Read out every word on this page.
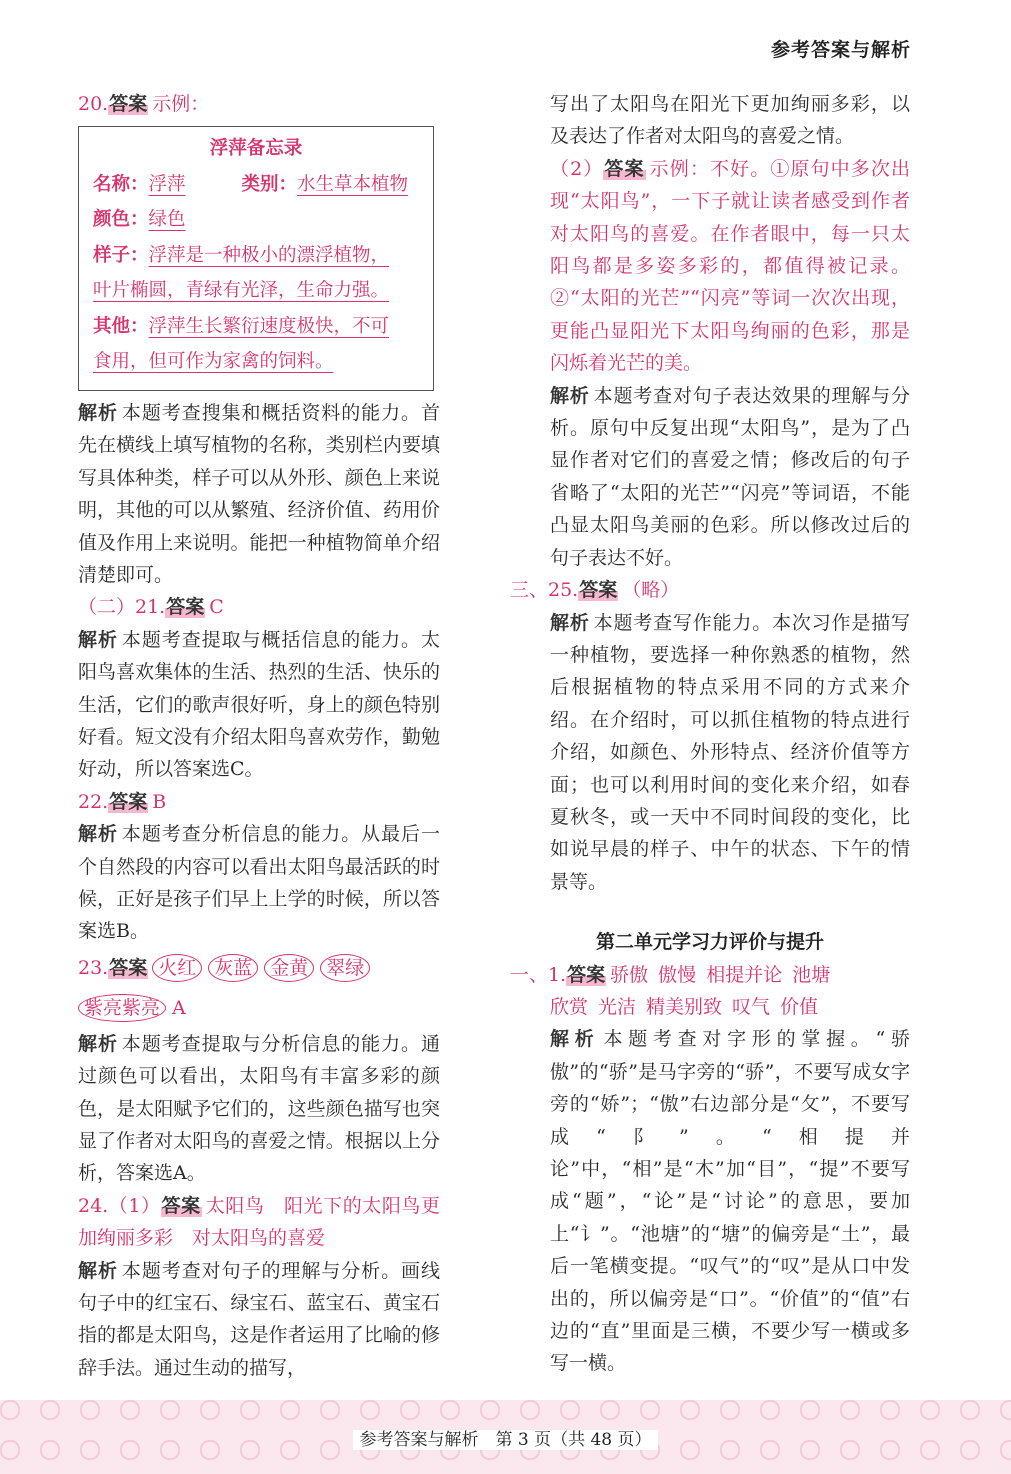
参考答案与解析

20.答案 示例：

浮萍备忘录
名称：浮萍	类别：水生草本植物
颜色：绿色
样子：浮萍是一种极小的漂浮植物，
叶片椭圆，青绿有光泽，生命力强。
其他：浮萍生长繁衍速度极快，不可
食用，但可作为家禽的饲料。

解析 本题考查搜集和概括资料的能力。首先在横线上填写植物的名称，类别栏内要填写具体种类，样子可以从外形、颜色上来说明，其他的可以从繁殖、经济价值、药用价值及作用上来说明。能把一种植物简单介绍清楚即可。

（二）21.答案 C

解析 本题考查提取与概括信息的能力。太阳鸟喜欢集体的生活、热烈的生活、快乐的生活，它们的歌声很好听，身上的颜色特别好看。短文没有介绍太阳鸟喜欢劳作，勤勉好动，所以答案选C。

22.答案 B

解析 本题考查分析信息的能力。从最后一个自然段的内容可以看出太阳鸟最活跃的时候，正好是孩子们早上上学的时候，所以答案选B。

23.答案 火红 灰蓝 金黄 翠绿
紫亮紫亮 A

解析 本题考查提取与分析信息的能力。通过颜色可以看出，太阳鸟有丰富多彩的颜色，是太阳赋予它们的，这些颜色描写也突显了作者对太阳鸟的喜爱之情。根据以上分析，答案选A。

24.（1）答案 太阳鸟　阳光下的太阳鸟更加绚丽多彩　对太阳鸟的喜爱

解析 本题考查对句子的理解与分析。画线句子中的红宝石、绿宝石、蓝宝石、黄宝石指的都是太阳鸟，这是作者运用了比喻的修辞手法。通过生动的描写，

写出了太阳鸟在阳光下更加绚丽多彩，以及表达了作者对太阳鸟的喜爱之情。

（2）答案 示例：不好。①原句中多次出现“太阳鸟”，一下子就让读者感受到作者对太阳鸟的喜爱。在作者眼中，每一只太阳鸟都是多姿多彩的，都值得被记录。②“太阳的光芒”“闪亮”等词一次次出现，更能凸显阳光下太阳鸟绚丽的色彩，那是闪烁着光芒的美。

解析 本题考查对句子表达效果的理解与分析。原句中反复出现“太阳鸟”，是为了凸显作者对它们的喜爱之情；修改后的句子省略了“太阳的光芒”“闪亮”等词语，不能凸显太阳鸟美丽的色彩。所以修改过后的句子表达不好。

三、25.答案 （略）

解析 本题考查写作能力。本次习作是描写一种植物，要选择一种你熟悉的植物，然后根据植物的特点采用不同的方式来介绍。在介绍时，可以抓住植物的特点进行介绍，如颜色、外形特点、经济价值等方面；也可以利用时间的变化来介绍，如春夏秋冬，或一天中不同时间段的变化，比如说早晨的样子、中午的状态、下午的情景等。

第二单元学习力评价与提升

一、1.答案 骄傲 傲慢 相提并论 池塘

欣赏 光洁 精美别致 叹气 价值

解析 本题考查对字形的掌握。“骄傲”的“骄”是马字旁的“骄”，不要写成女字旁的“娇”；“傲”右边部分是“攵”，不要写成“阝”。“相提并论”中，“相”是“木”加“目”，“提”不要写成“题”，“论”是“讨论”的意思，要加上“讠”。“池塘”的“塘”的偏旁是“土”，最后一笔横变提。“叹气”的“叹”是从口中发出的，所以偏旁是“口”。“价值”的“值”右边的“直”里面是三横，不要少写一横或多写一横。

参考答案与解析　第 3 页（共 48 页）
